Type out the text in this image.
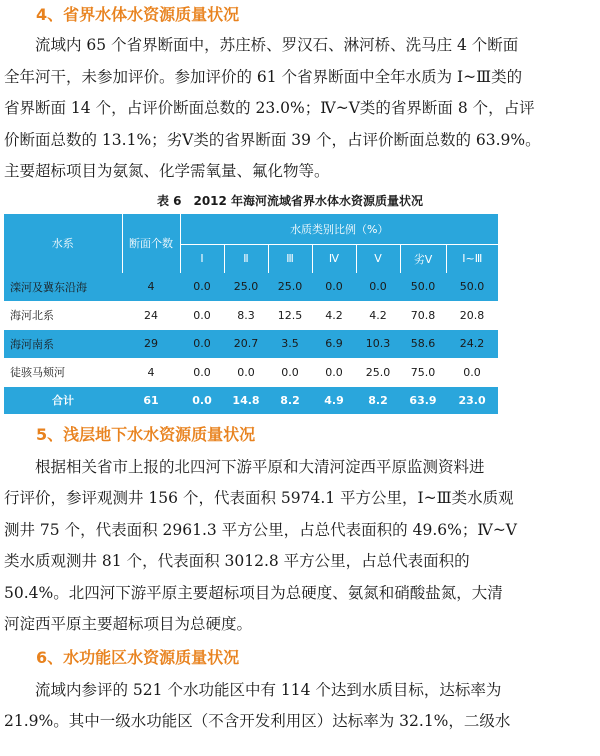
4、省界水体水资源质量状况
流域内 65 个省界断面中，苏庄桥、罗汉石、淋河桥、洗马庄 4 个断面
全年河干，未参加评价。参加评价的 61 个省界断面中全年水质为 Ⅰ~Ⅲ类的
省界断面 14 个，占评价断面总数的 23.0%；Ⅳ~Ⅴ类的省界断面 8 个，占评
价断面总数的 13.1%；劣Ⅴ类的省界断面 39 个，占评价断面总数的 63.9%。
主要超标项目为氨氮、化学需氧量、氟化物等。
表 6　2012 年海河流域省界水体水资源质量状况
水系	断面个数	水质类别比例（%）						
		Ⅰ	Ⅱ	Ⅲ	Ⅳ	Ⅴ	劣Ⅴ	Ⅰ~Ⅲ
滦河及冀东沿海	4	0.0	25.0	25.0	0.0	0.0	50.0	50.0
海河北系	24	0.0	8.3	12.5	4.2	4.2	70.8	20.8
海河南系	29	0.0	20.7	3.5	6.9	10.3	58.6	24.2
徒骇马颊河	4	0.0	0.0	0.0	0.0	25.0	75.0	0.0
合计	61	0.0	14.8	8.2	4.9	8.2	63.9	23.0
5、浅层地下水水资源质量状况
根据相关省市上报的北四河下游平原和大清河淀西平原监测资料进
行评价，参评观测井 156 个，代表面积 5974.1 平方公里，Ⅰ~Ⅲ类水质观
测井 75 个，代表面积 2961.3 平方公里，占总代表面积的 49.6%；Ⅳ~Ⅴ
类水质观测井 81 个，代表面积 3012.8 平方公里，占总代表面积的
50.4%。北四河下游平原主要超标项目为总硬度、氨氮和硝酸盐氮，大清
河淀西平原主要超标项目为总硬度。
6、水功能区水资源质量状况
流域内参评的 521 个水功能区中有 114 个达到水质目标，达标率为
21.9%。其中一级水功能区（不含开发利用区）达标率为 32.1%，二级水
